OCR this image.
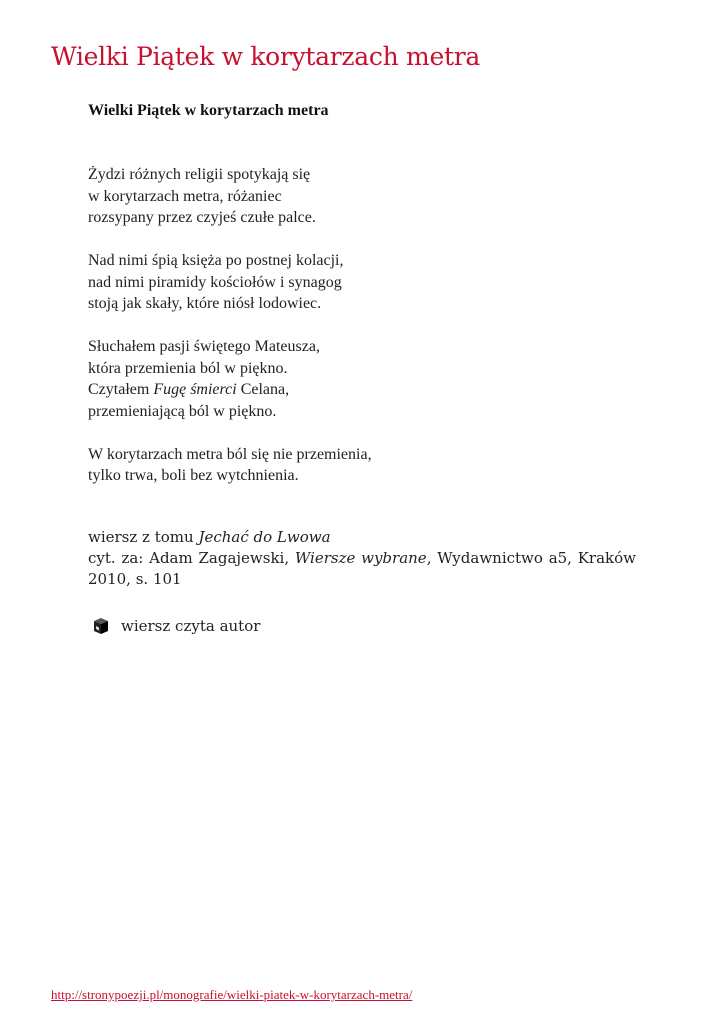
Wielki Piątek w korytarzach metra
Wielki Piątek w korytarzach metra

Żydzi różnych religii spotykają się
w korytarzach metra, różaniec
rozsypany przez czyjeś czułe palce.

Nad nimi śpią księża po postnej kolacji,
nad nimi piramidy kościołów i synagog
stoją jak skały, które niósł lodowiec.

Słuchałem pasji świętego Mateusza,
która przemienia ból w piękno.
Czytałem Fugę śmierci Celana,
przemieniającą ból w piękno.

W korytarzach metra ból się nie przemienia,
tylko trwa, boli bez wytchnienia.

wiersz z tomu Jechać do Lwowa

cyt. za: Adam Zagajewski, Wiersze wybrane, Wydawnictwo a5, Kraków 2010, s. 101

wiersz czyta autor
http://stronypoezji.pl/monografie/wielki-piatek-w-korytarzach-metra/
